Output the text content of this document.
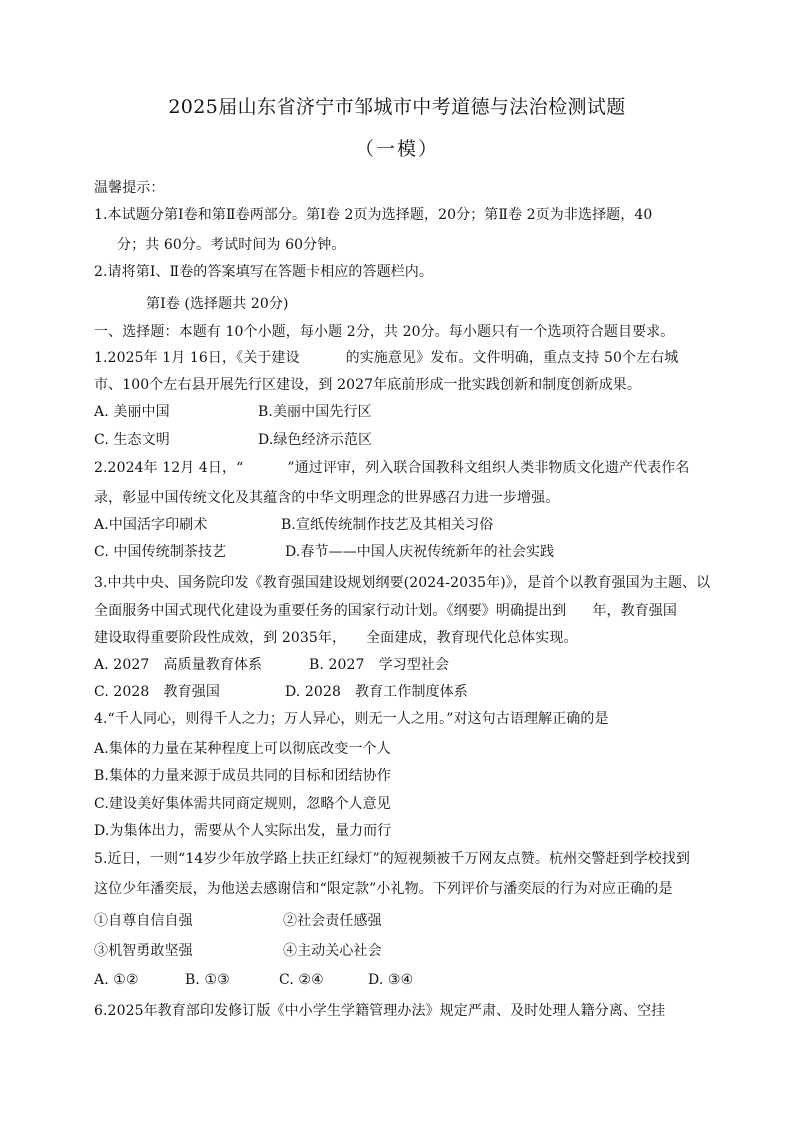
2025届山东省济宁市邹城市中考道德与法治检测试题
（一模）
温馨提示：
1.本试题分第Ⅰ卷和第Ⅱ卷两部分。第Ⅰ卷 2页为选择题，20分；第Ⅱ卷 2页为非选择题，40
分；共 60分。考试时间为 60分钟。
2.请将第Ⅰ、Ⅱ卷的答案填写在答题卡相应的答题栏内。
第Ⅰ卷 (选择题共 20分)
一、选择题：本题有 10个小题，每小题 2分，共 20分。每小题只有一个选项符合题目要求。
1.2025年 1月 16日，《关于建设	的实施意见》发布。文件明确，重点支持 50个左右城
市、100个左右县开展先行区建设，到 2027年底前形成一批实践创新和制度创新成果。
A. 美丽中国	B.美丽中国先行区
C. 生态文明	D.绿色经济示范区
2.2024年 12月 4日，“	”通过评审，列入联合国教科文组织人类非物质文化遗产代表作名
录，彰显中国传统文化及其蕴含的中华文明理念的世界感召力进一步增强。
A.中国活字印刷术	B.宣纸传统制作技艺及其相关习俗
C. 中国传统制茶技艺	D.春节——中国人庆祝传统新年的社会实践
3.中共中央、国务院印发《教育强国建设规划纲要(2024-2035年)》，是首个以教育强国为主题、以
全面服务中国式现代化建设为重要任务的国家行动计划。《纲要》明确提出到 年，教育强国
建设取得重要阶段性成效，到 2035年， 全面建成，教育现代化总体实现。
A. 2027　高质量教育体系	B. 2027　学习型社会
C. 2028　教育强国	D. 2028　教育工作制度体系
4.“千人同心，则得千人之力；万人异心，则无一人之用。”对这句古语理解正确的是
A.集体的力量在某种程度上可以彻底改变一个人
B.集体的力量来源于成员共同的目标和团结协作
C.建设美好集体需共同商定规则，忽略个人意见
D.为集体出力，需要从个人实际出发，量力而行
5.近日，一则“14岁少年放学路上扶正红绿灯”的短视频被千万网友点赞。杭州交警赶到学校找到
这位少年潘奕辰，为他送去感谢信和“限定款”小礼物。下列评价与潘奕辰的行为对应正确的是
①自尊自信自强	②社会责任感强
③机智勇敢坚强	④主动关心社会
A. ①②	B. ①③	C. ②④	D. ③④
6.2025年教育部印发修订版《中小学生学籍管理办法》规定严肃、及时处理人籍分离、空挂
